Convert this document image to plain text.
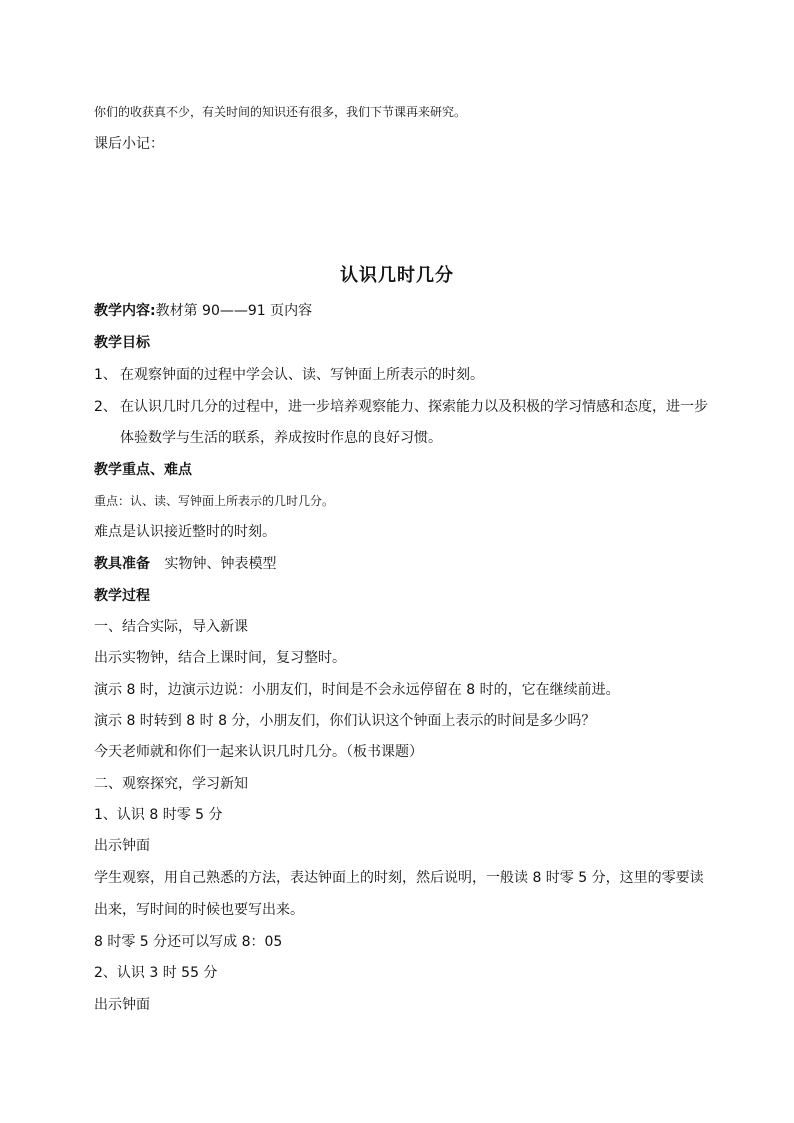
你们的收获真不少，有关时间的知识还有很多，我们下节课再来研究。
课后小记：
认识几时几分
教学内容:教材第 90——91 页内容
教学目标
1、 在观察钟面的过程中学会认、读、写钟面上所表示的时刻。
2、 在认识几时几分的过程中，进一步培养观察能力、探索能力以及积极的学习情感和态度，进一步
体验数学与生活的联系，养成按时作息的良好习惯。
教学重点、难点
重点：认、读、写钟面上所表示的几时几分。
难点是认识接近整时的时刻。
教具准备 实物钟、钟表模型
教学过程
一、结合实际，导入新课
出示实物钟，结合上课时间，复习整时。
演示 8 时，边演示边说：小朋友们，时间是不会永远停留在 8 时的，它在继续前进。
演示 8 时转到 8 时 8 分，小朋友们，你们认识这个钟面上表示的时间是多少吗？
今天老师就和你们一起来认识几时几分。（板书课题）
二、观察探究，学习新知
1、认识 8 时零 5 分
出示钟面
学生观察，用自己熟悉的方法，表达钟面上的时刻，然后说明，一般读 8 时零 5 分，这里的零要读
出来，写时间的时候也要写出来。
8 时零 5 分还可以写成 8：05
2、认识 3 时 55 分
出示钟面
